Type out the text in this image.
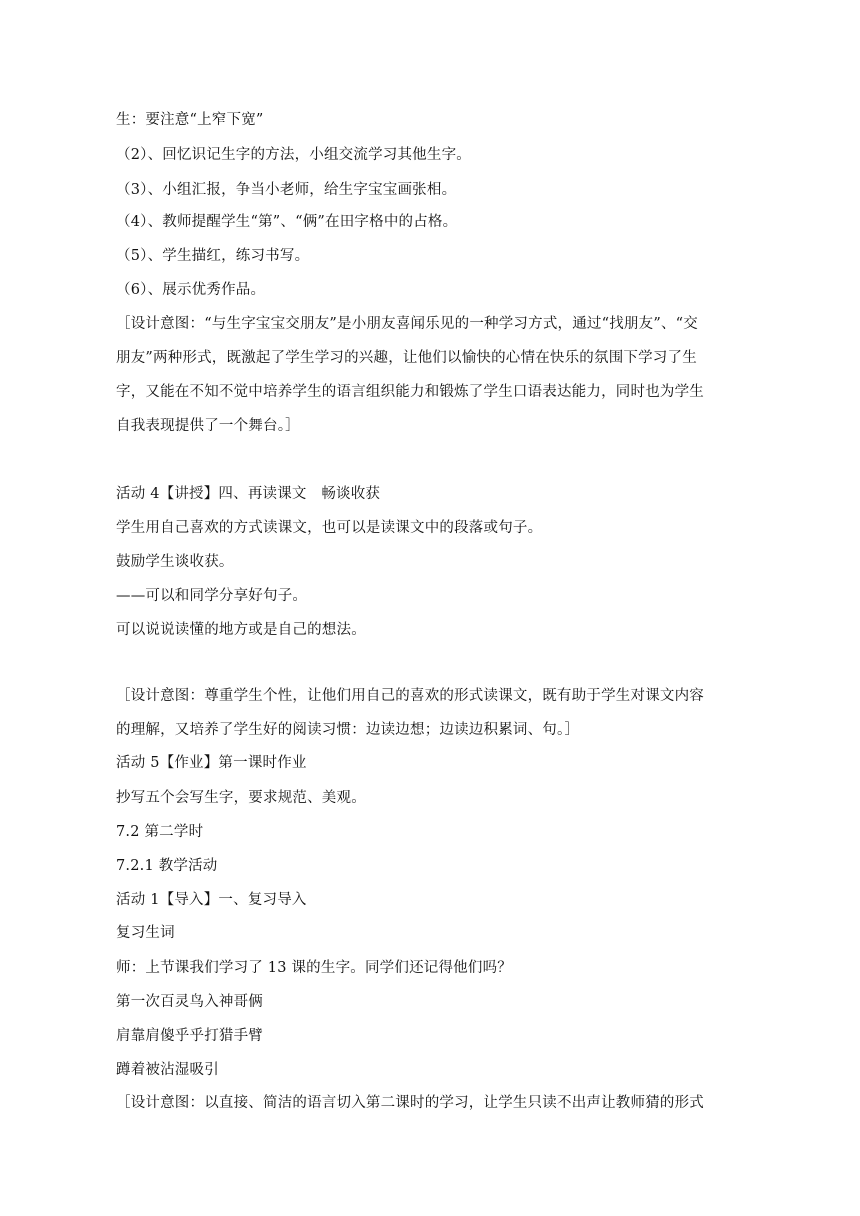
生：要注意“上窄下宽”
（2）、回忆识记生字的方法，小组交流学习其他生字。
（3）、小组汇报，争当小老师，给生字宝宝画张相。
（4）、教师提醒学生“第”、“俩”在田字格中的占格。
（5）、学生描红，练习书写。
（6）、展示优秀作品。
［设计意图：“与生字宝宝交朋友”是小朋友喜闻乐见的一种学习方式，通过“找朋友”、“交
朋友”两种形式，既激起了学生学习的兴趣，让他们以愉快的心情在快乐的氛围下学习了生
字，又能在不知不觉中培养学生的语言组织能力和锻炼了学生口语表达能力，同时也为学生
自我表现提供了一个舞台。］
活动 4【讲授】四、再读课文　畅谈收获
学生用自己喜欢的方式读课文，也可以是读课文中的段落或句子。
鼓励学生谈收获。
——可以和同学分享好句子。
可以说说读懂的地方或是自己的想法。
［设计意图：尊重学生个性，让他们用自己的喜欢的形式读课文，既有助于学生对课文内容
的理解，又培养了学生好的阅读习惯：边读边想；边读边积累词、句。］
活动 5【作业】第一课时作业
抄写五个会写生字，要求规范、美观。
7.2 第二学时
7.2.1 教学活动
活动 1【导入】一、复习导入
复习生词
师：上节课我们学习了 13 课的生字。同学们还记得他们吗？
第一次百灵鸟入神哥俩
肩靠肩傻乎乎打猎手臂
蹲着被沾湿吸引
［设计意图：以直接、简洁的语言切入第二课时的学习，让学生只读不出声让教师猜的形式
